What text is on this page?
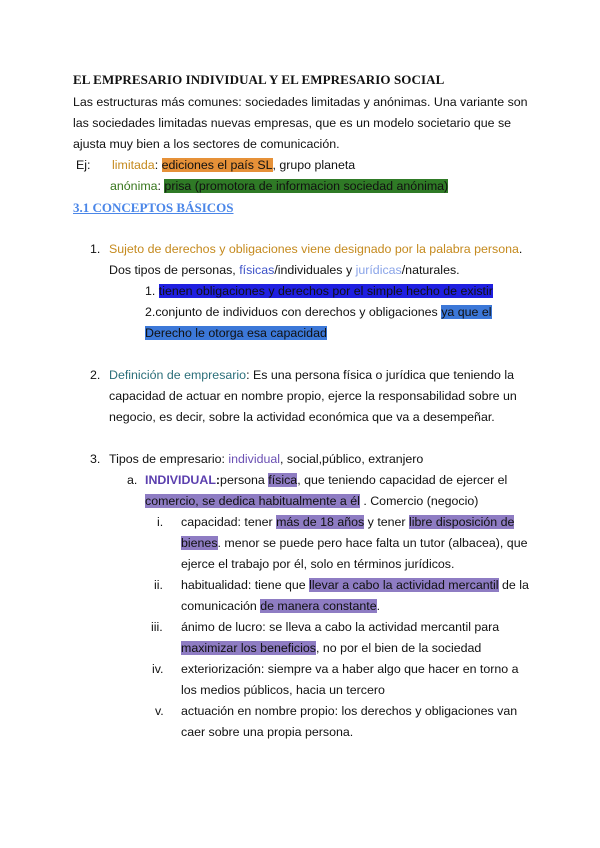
EL EMPRESARIO INDIVIDUAL Y EL EMPRESARIO SOCIAL
Las estructuras más comunes: sociedades limitadas y anónimas. Una variante son
las sociedades limitadas nuevas empresas, que es un modelo societario que se
ajusta muy bien a los sectores de comunicación.
Ej: limitada: ediciones el país SL, grupo planeta
anónima: prisa (promotora de informacion sociedad anónima)
3.1 CONCEPTOS BÁSICOS
1. Sujeto de derechos y obligaciones viene designado por la palabra persona.
Dos tipos de personas, físicas/individuales y jurídicas/naturales.
1. tienen obligaciones y derechos por el simple hecho de existir
2.conjunto de individuos con derechos y obligaciones ya que el
Derecho le otorga esa capacidad
2. Definición de empresario: Es una persona física o jurídica que teniendo la
capacidad de actuar en nombre propio, ejerce la responsabilidad sobre un
negocio, es decir, sobre la actividad económica que va a desempeñar.
3. Tipos de empresario: individual, social,público, extranjero
a. INDIVIDUAL:persona física, que teniendo capacidad de ejercer el
comercio, se dedica habitualmente a él . Comercio (negocio)
i. capacidad: tener más de 18 años y tener libre disposición de
bienes. menor se puede pero hace falta un tutor (albacea), que
ejerce el trabajo por él, solo en términos jurídicos.
ii. habitualidad: tiene que llevar a cabo la actividad mercantil de la
comunicación de manera constante.
iii. ánimo de lucro: se lleva a cabo la actividad mercantil para
maximizar los beneficios, no por el bien de la sociedad
iv. exteriorización: siempre va a haber algo que hacer en torno a
los medios públicos, hacia un tercero
v. actuación en nombre propio: los derechos y obligaciones van
caer sobre una propia persona.
